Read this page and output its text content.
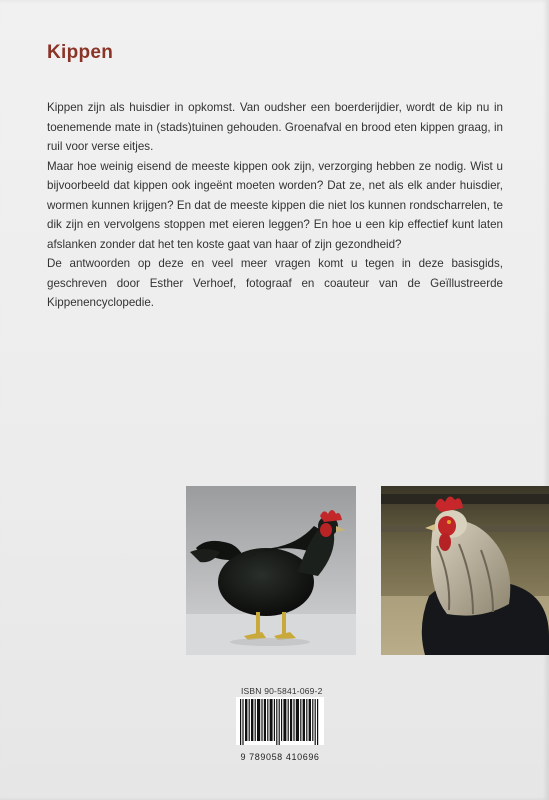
Kippen

Kippen zijn als huisdier in opkomst. Van oudsher een boerderijdier, wordt de kip nu in toenemende mate in (stads)tuinen gehouden. Groenafval en brood eten kippen graag, in ruil voor verse eitjes.

Maar hoe weinig eisend de meeste kippen ook zijn, verzorging hebben ze nodig. Wist u bijvoorbeeld dat kippen ook ingeënt moeten worden? Dat ze, net als elk ander huisdier, wormen kunnen krijgen? En dat de meeste kippen die niet los kunnen rondscharrelen, te dik zijn en vervolgens stoppen met eieren leggen? En hoe u een kip effectief kunt laten afslanken zonder dat het ten koste gaat van haar of zijn gezondheid?

De antwoorden op deze en veel meer vragen komt u tegen in deze basisgids, geschreven door Esther Verhoef, fotograaf en coauteur van de Geïllustreerde Kippenencyclopedie.

ISBN 90-5841-069-2
9 789058 410696
